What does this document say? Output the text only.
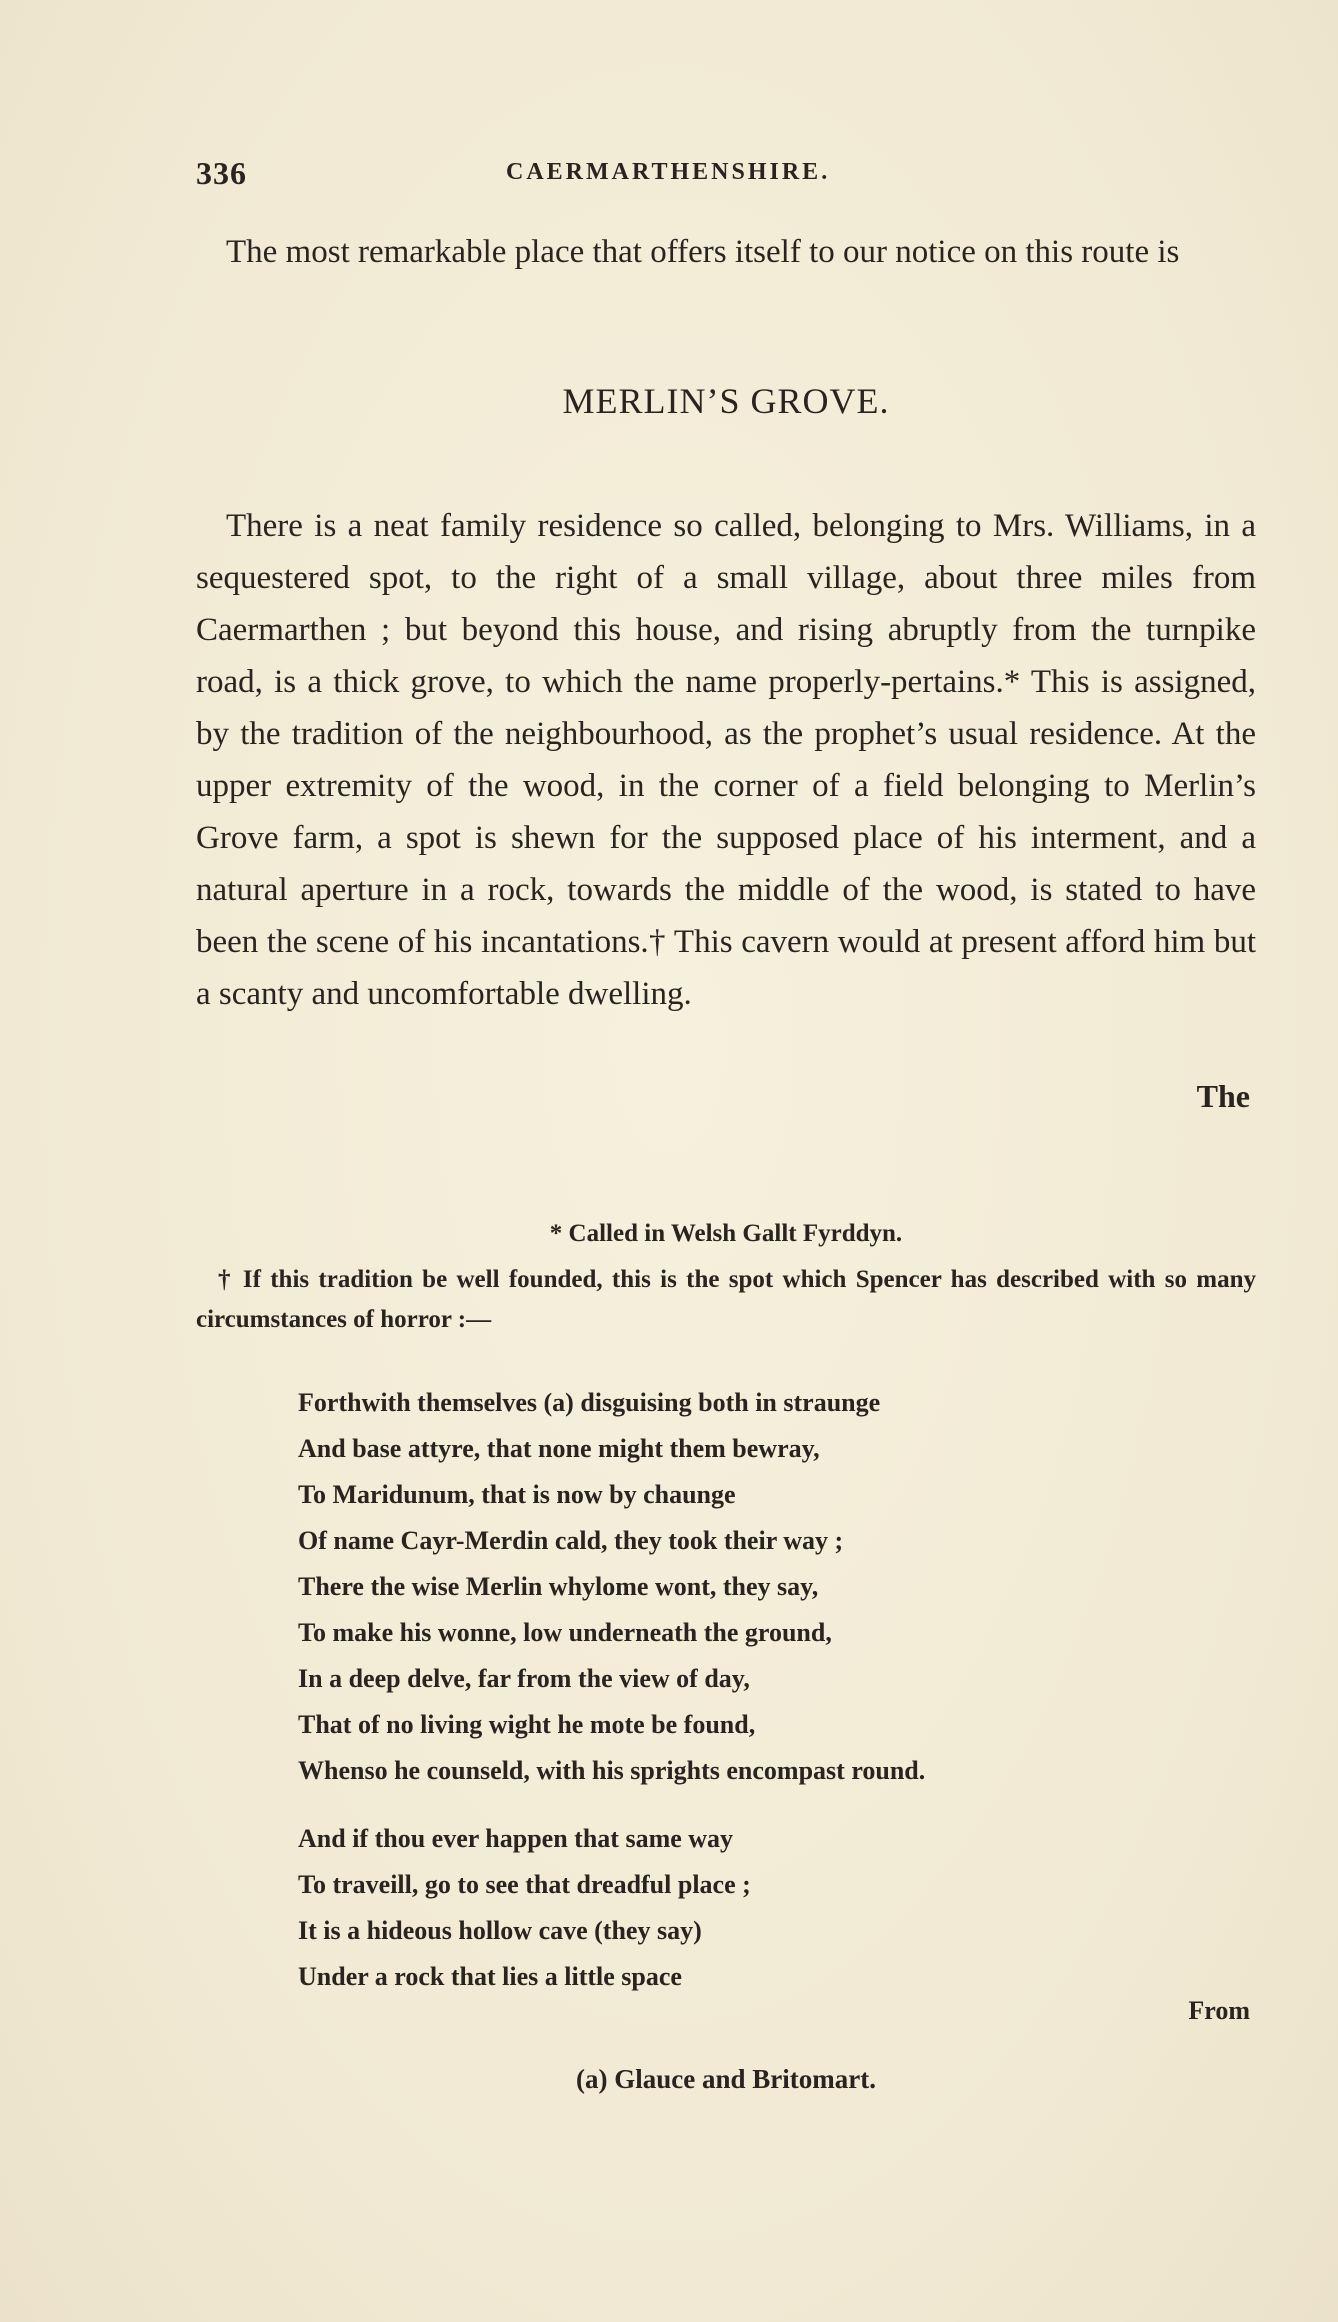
336	CAERMARTHENSHIRE.
The most remarkable place that offers itself to our notice on this route is
MERLIN’S GROVE.
There is a neat family residence so called, belonging to Mrs. Williams, in a sequestered spot, to the right of a small village, about three miles from Caermarthen ; but beyond this house, and rising abruptly from the turnpike road, is a thick grove, to which the name properly-pertains.* This is assigned, by the tradition of the neighbourhood, as the prophet’s usual residence. At the upper extremity of the wood, in the corner of a field belonging to Merlin’s Grove farm, a spot is shewn for the supposed place of his interment, and a natural aperture in a rock, towards the middle of the wood, is stated to have been the scene of his incantations.† This cavern would at present afford him but a scanty and uncomfortable dwelling.
The
* Called in Welsh Gallt Fyrddyn.
† If this tradition be well founded, this is the spot which Spencer has described with so many circumstances of horror :—
Forthwith themselves (a) disguising both in straunge
And base attyre, that none might them bewray,
To Maridunum, that is now by chaunge
Of name Cayr-Merdin cald, they took their way ;
There the wise Merlin whylome wont, they say,
To make his wonne, low underneath the ground,
In a deep delve, far from the view of day,
That of no living wight he mote be found,
Whenso he counseld, with his sprights encompast round.
And if thou ever happen that same way
To traveill, go to see that dreadful place ;
It is a hideous hollow cave (they say)
Under a rock that lies a little space
From
(a) Glauce and Britomart.
